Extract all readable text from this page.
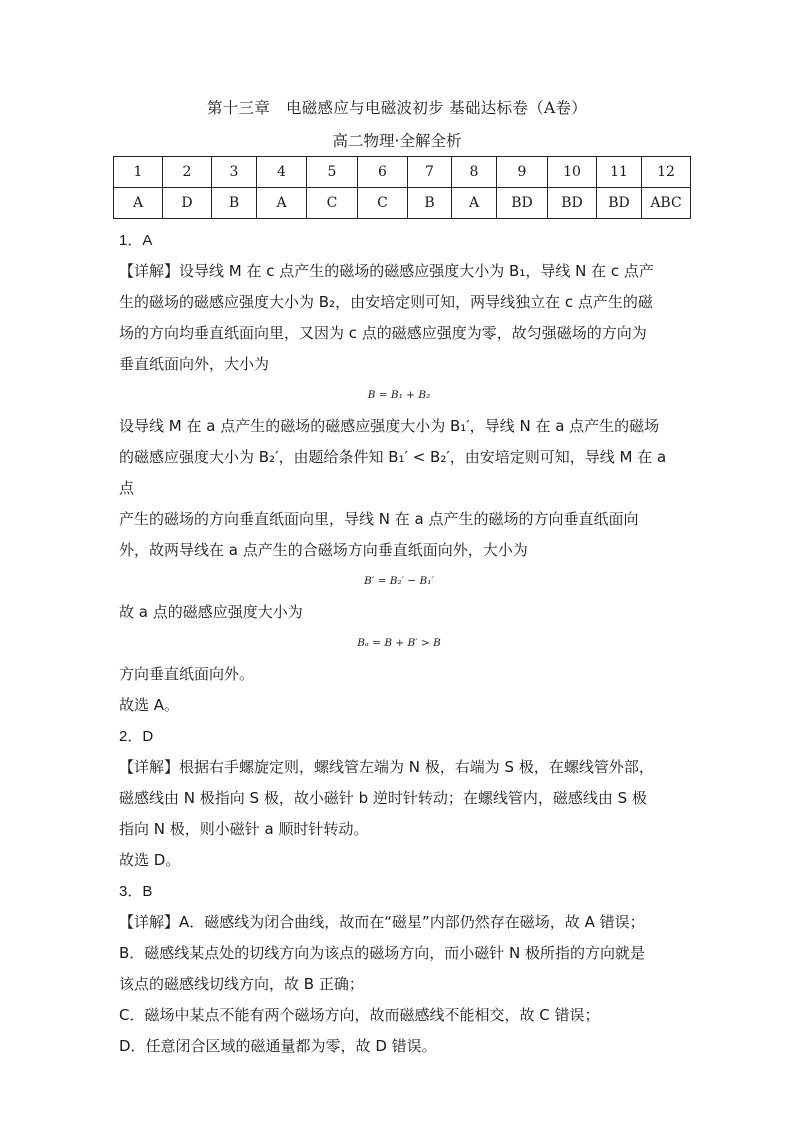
第十三章　电磁感应与电磁波初步 基础达标卷（A卷）
高二物理·全解全析
1	2	3	4	5	6	7	8	9	10	11	12
A	D	B	A	C	C	B	A	BD	BD	BD	ABC

1．A

【详解】设导线 M 在 c 点产生的磁场的磁感应强度大小为 B₁，导线 N 在 c 点产

生的磁场的磁感应强度大小为 B₂，由安培定则可知，两导线独立在 c 点产生的磁

场的方向均垂直纸面向里，又因为 c 点的磁感应强度为零，故匀强磁场的方向为

垂直纸面向外，大小为

B = B₁ + B₂

设导线 M 在 a 点产生的磁场的磁感应强度大小为 B₁′，导线 N 在 a 点产生的磁场

的磁感应强度大小为 B₂′，由题给条件知 B₁′ < B₂′，由安培定则可知，导线 M 在 a 点

产生的磁场的方向垂直纸面向里，导线 N 在 a 点产生的磁场的方向垂直纸面向

外，故两导线在 a 点产生的合磁场方向垂直纸面向外，大小为

B′ = B₂′ − B₁′

故 a 点的磁感应强度大小为

Bₐ = B + B′ > B

方向垂直纸面向外。

故选 A。

2．D

【详解】根据右手螺旋定则，螺线管左端为 N 极，右端为 S 极，在螺线管外部，

磁感线由 N 极指向 S 极，故小磁针 b 逆时针转动；在螺线管内，磁感线由 S 极

指向 N 极，则小磁针 a 顺时针转动。

故选 D。

3．B

【详解】A．磁感线为闭合曲线，故而在“磁星”内部仍然存在磁场，故 A 错误；

B．磁感线某点处的切线方向为该点的磁场方向，而小磁针 N 极所指的方向就是

该点的磁感线切线方向，故 B 正确；

C．磁场中某点不能有两个磁场方向，故而磁感线不能相交，故 C 错误；

D．任意闭合区域的磁通量都为零，故 D 错误。
